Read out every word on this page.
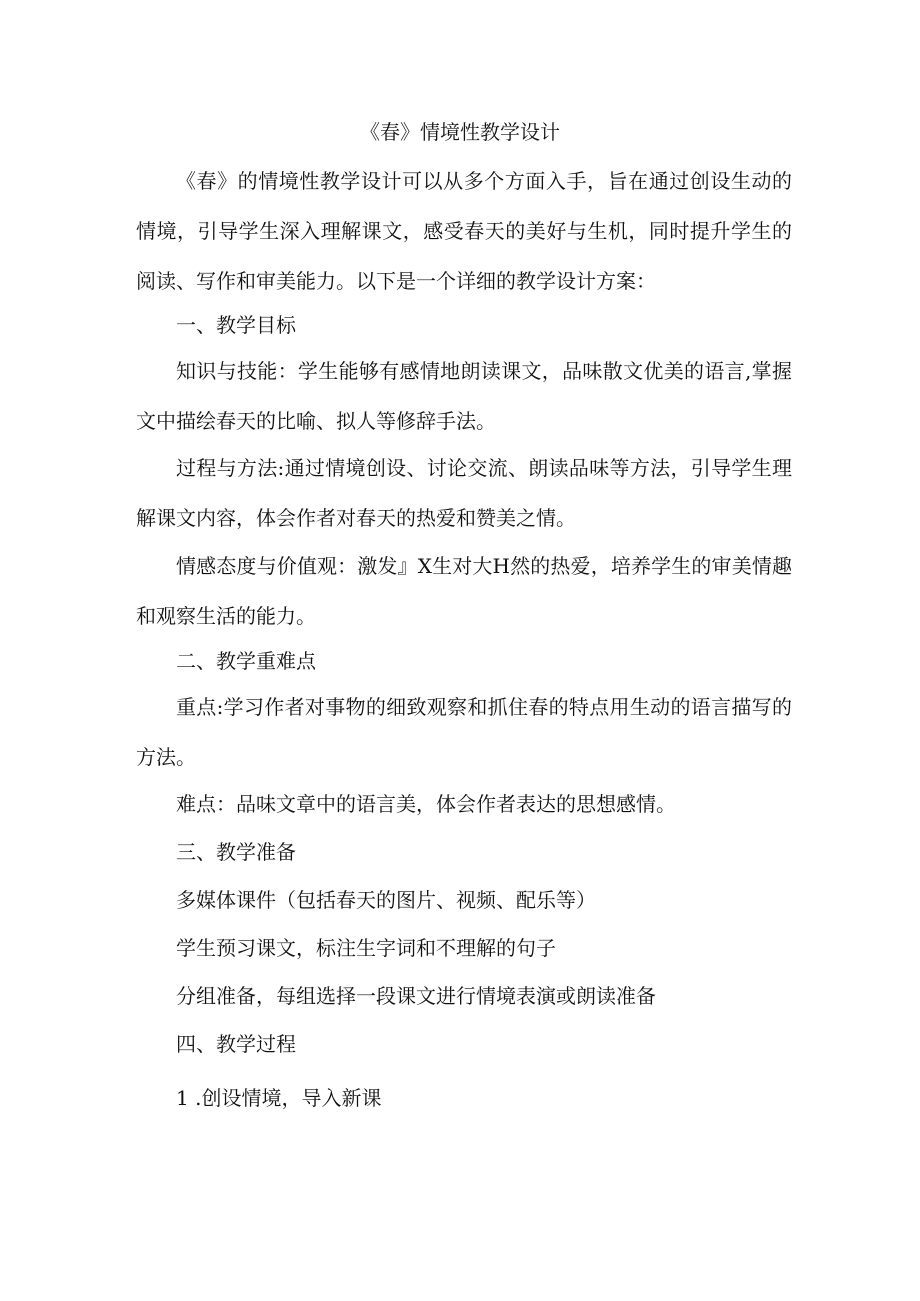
《春》情境性教学设计

《春》的情境性教学设计可以从多个方面入手，旨在通过创设生动的情境，引导学生深入理解课文，感受春天的美好与生机，同时提升学生的阅读、写作和审美能力。以下是一个详细的教学设计方案：

一、教学目标

知识与技能：学生能够有感情地朗读课文，品味散文优美的语言,掌握文中描绘春天的比喻、拟人等修辞手法。

过程与方法:通过情境创设、讨论交流、朗读品味等方法，引导学生理解课文内容，体会作者对春天的热爱和赞美之情。

情感态度与价值观：激发』X生对大H然的热爱，培养学生的审美情趣和观察生活的能力。

二、教学重难点

重点:学习作者对事物的细致观察和抓住春的特点用生动的语言描写的方法。

难点：品味文章中的语言美，体会作者表达的思想感情。

三、教学准备

多媒体课件（包括春天的图片、视频、配乐等）

学生预习课文，标注生字词和不理解的句子

分组准备，每组选择一段课文进行情境表演或朗读准备

四、教学过程

1 .创设情境，导入新课
